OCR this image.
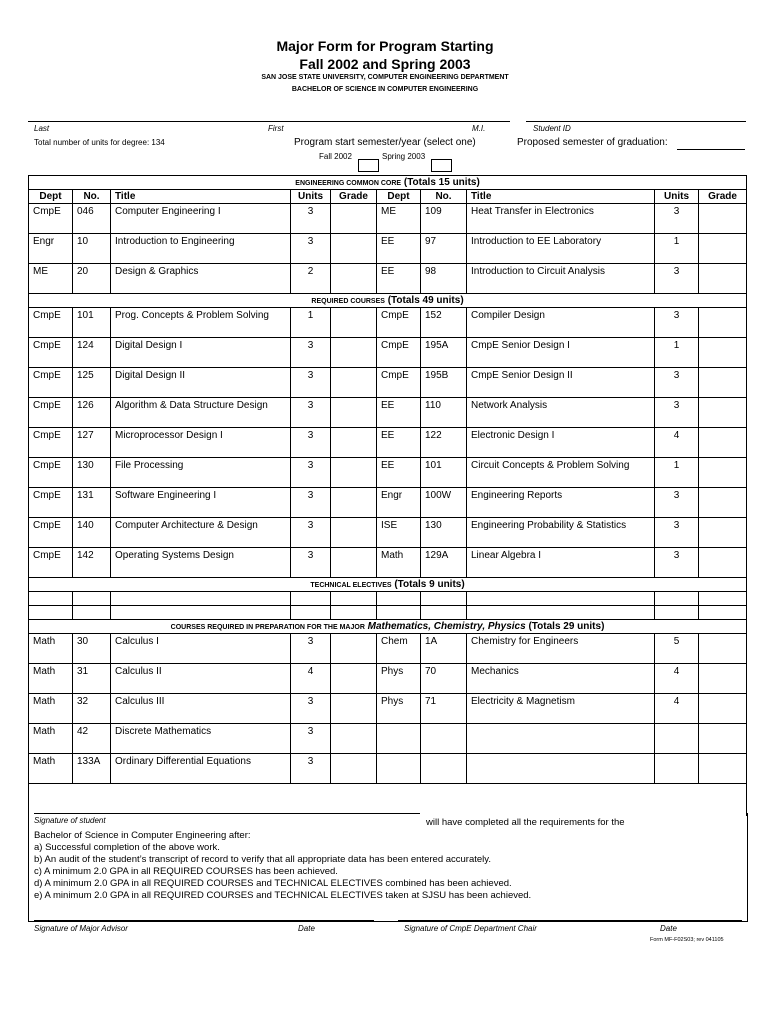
Major Form for Program Starting
Fall 2002 and Spring 2003
SAN JOSE STATE UNIVERSITY, COMPUTER ENGINEERING DEPARTMENT
BACHELOR OF SCIENCE IN COMPUTER ENGINEERING
Last	First	M.I.	Student ID
Total number of units for degree: 134	Program start semester/year (select one)	Proposed semester of graduation:
Fall 2002	Spring 2003
ENGINEERING COMMON CORE (Totals 15 units)									
Dept	No.	Title	Units	Grade	Dept	No.	Title	Units	Grade
CmpE	046	Computer Engineering I	3		ME	109	Heat Transfer in Electronics	3	
Engr	10	Introduction to Engineering	3		EE	97	Introduction to EE Laboratory	1	
ME	20	Design & Graphics	2		EE	98	Introduction to Circuit Analysis	3	
REQUIRED COURSES (Totals 49 units)									
CmpE	101	Prog. Concepts & Problem Solving	1		CmpE	152	Compiler Design	3	
CmpE	124	Digital Design I	3		CmpE	195A	CmpE Senior Design I	1	
CmpE	125	Digital Design II	3		CmpE	195B	CmpE Senior Design II	3	
CmpE	126	Algorithm & Data Structure Design	3		EE	110	Network Analysis	3	
CmpE	127	Microprocessor Design I	3		EE	122	Electronic Design I	4	
CmpE	130	File Processing	3		EE	101	Circuit Concepts & Problem Solving	1	
CmpE	131	Software Engineering I	3		Engr	100W	Engineering Reports	3	
CmpE	140	Computer Architecture & Design	3		ISE	130	Engineering Probability & Statistics	3	
CmpE	142	Operating Systems Design	3		Math	129A	Linear Algebra I	3	
TECHNICAL ELECTIVES (Totals 9 units)									

COURSES REQUIRED IN PREPARATION FOR THE MAJOR Mathematics, Chemistry, Physics (Totals 29 units)									
Math	30	Calculus I	3		Chem	1A	Chemistry for Engineers	5	
Math	31	Calculus II	4		Phys	70	Mechanics	4	
Math	32	Calculus III	3		Phys	71	Electricity & Magnetism	4	
Math	42	Discrete Mathematics	3						
Math	133A	Ordinary Differential Equations	3						

Signature of student	will have completed all the requirements for the
Bachelor of Science in Computer Engineering after:
a) Successful completion of the above work.
b) An audit of the student’s transcript of record to verify that all appropriate data has been entered accurately.
c) A minimum 2.0 GPA in all REQUIRED COURSES has been achieved.
d) A minimum 2.0 GPA in all REQUIRED COURSES and TECHNICAL ELECTIVES combined has been achieved.
e) A minimum 2.0 GPA in all REQUIRED COURSES and TECHNICAL ELECTIVES taken at SJSU has been achieved.
Signature of Major Advisor	Date	Signature of CmpE Department Chair	Date
Form MF-F02S03; rev 041105
